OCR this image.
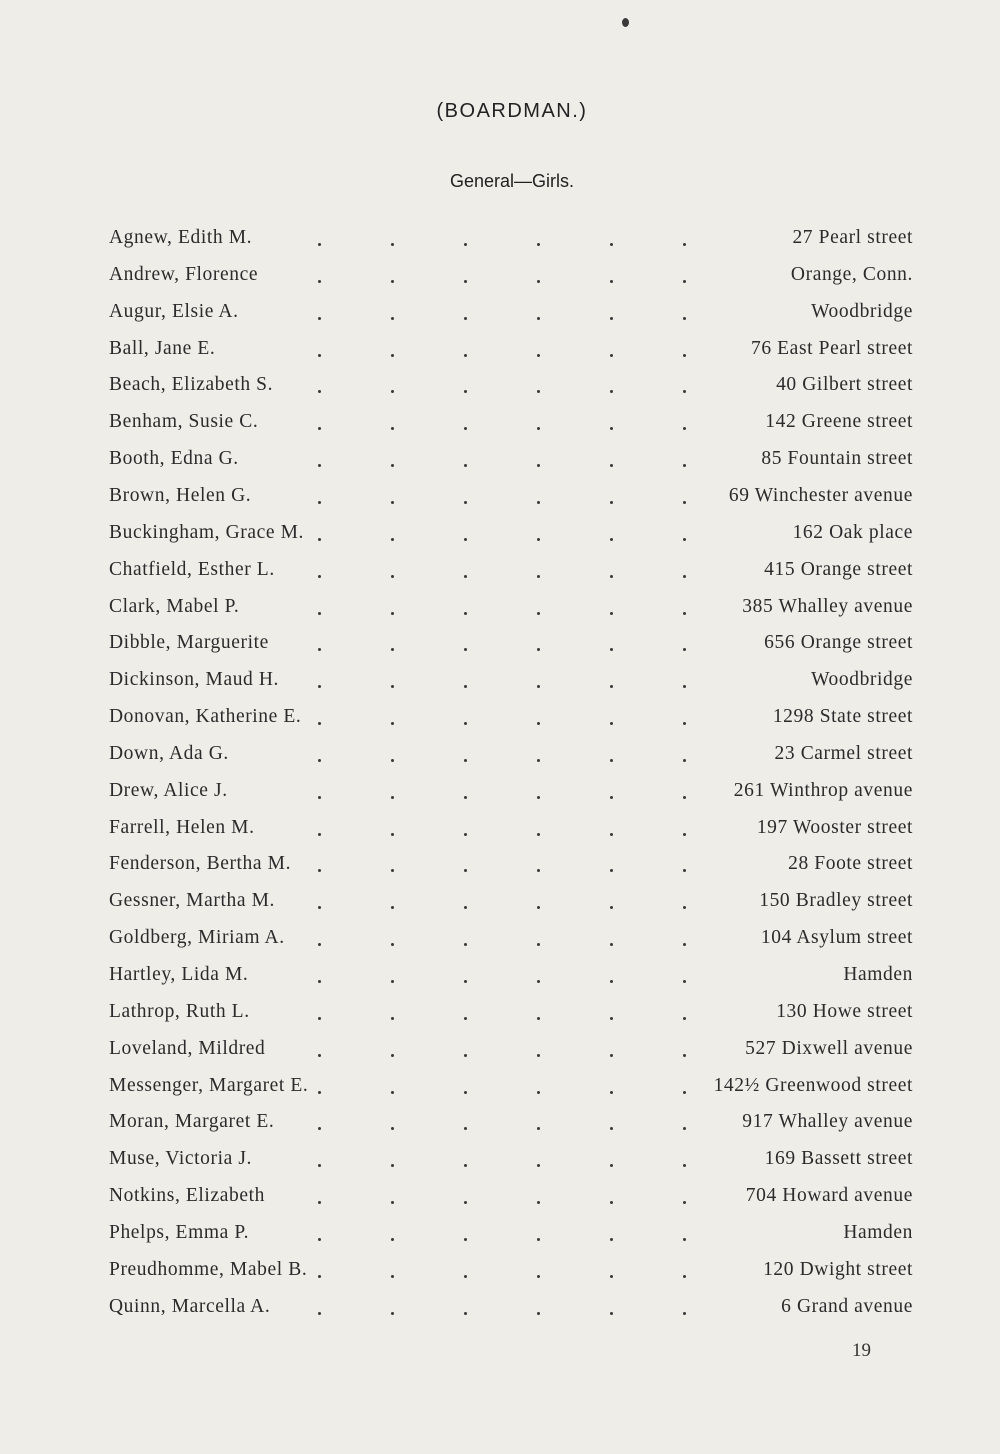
(BOARDMAN.)
General—Girls.
Agnew, Edith M.	27 Pearl street
Andrew, Florence	Orange, Conn.
Augur, Elsie A.	Woodbridge
Ball, Jane E.	76 East Pearl street
Beach, Elizabeth S.	40 Gilbert street
Benham, Susie C.	142 Greene street
Booth, Edna G.	85 Fountain street
Brown, Helen G.	69 Winchester avenue
Buckingham, Grace M.	162 Oak place
Chatfield, Esther L.	415 Orange street
Clark, Mabel P.	385 Whalley avenue
Dibble, Marguerite	656 Orange street
Dickinson, Maud H.	Woodbridge
Donovan, Katherine E.	1298 State street
Down, Ada G.	23 Carmel street
Drew, Alice J.	261 Winthrop avenue
Farrell, Helen M.	197 Wooster street
Fenderson, Bertha M.	28 Foote street
Gessner, Martha M.	150 Bradley street
Goldberg, Miriam A.	104 Asylum street
Hartley, Lida M.	Hamden
Lathrop, Ruth L.	130 Howe street
Loveland, Mildred	527 Dixwell avenue
Messenger, Margaret E.	142½ Greenwood street
Moran, Margaret E.	917 Whalley avenue
Muse, Victoria J.	169 Bassett street
Notkins, Elizabeth	704 Howard avenue
Phelps, Emma P.	Hamden
Preudhomme, Mabel B.	120 Dwight street
Quinn, Marcella A.	6 Grand avenue
19
